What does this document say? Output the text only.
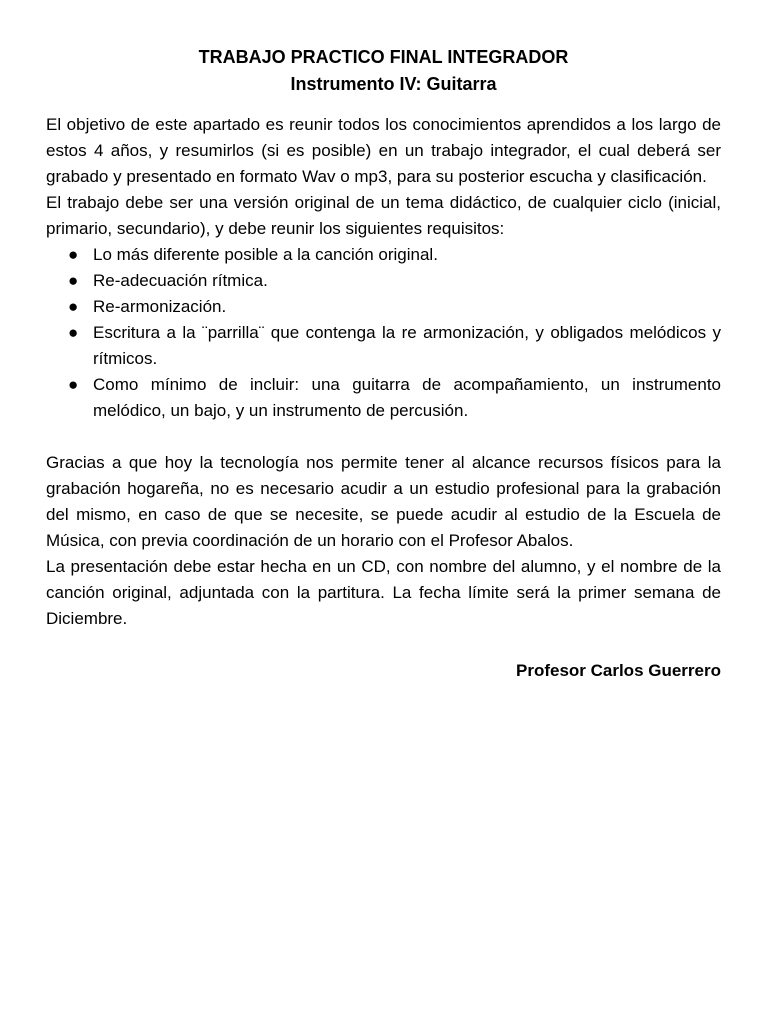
TRABAJO PRACTICO FINAL INTEGRADOR
Instrumento IV: Guitarra

El objetivo de este apartado es reunir todos los conocimientos aprendidos a los largo de estos 4 años, y resumirlos (si es posible) en un trabajo integrador, el cual deberá ser grabado y presentado en formato Wav o mp3, para su posterior escucha y clasificación.

El trabajo debe ser una versión original de un tema didáctico, de cualquier ciclo (inicial, primario, secundario), y debe reunir los siguientes requisitos:

● Lo más diferente posible a la canción original.
● Re-adecuación rítmica.
● Re-armonización.
● Escritura a la ¨parrilla¨ que contenga la re armonización, y obligados melódicos y rítmicos.
● Como mínimo de incluir: una guitarra de acompañamiento, un instrumento melódico, un bajo, y un instrumento de percusión.

Gracias a que hoy la tecnología nos permite tener al alcance recursos físicos para la grabación hogareña, no es necesario acudir a un estudio profesional para la grabación del mismo, en caso de que se necesite, se puede acudir al estudio de la Escuela de Música, con previa coordinación de un horario con el Profesor Abalos.

La presentación debe estar hecha en un CD, con nombre del alumno, y el nombre de la canción original, adjuntada con la partitura. La fecha límite será la primer semana de Diciembre.

Profesor Carlos Guerrero
